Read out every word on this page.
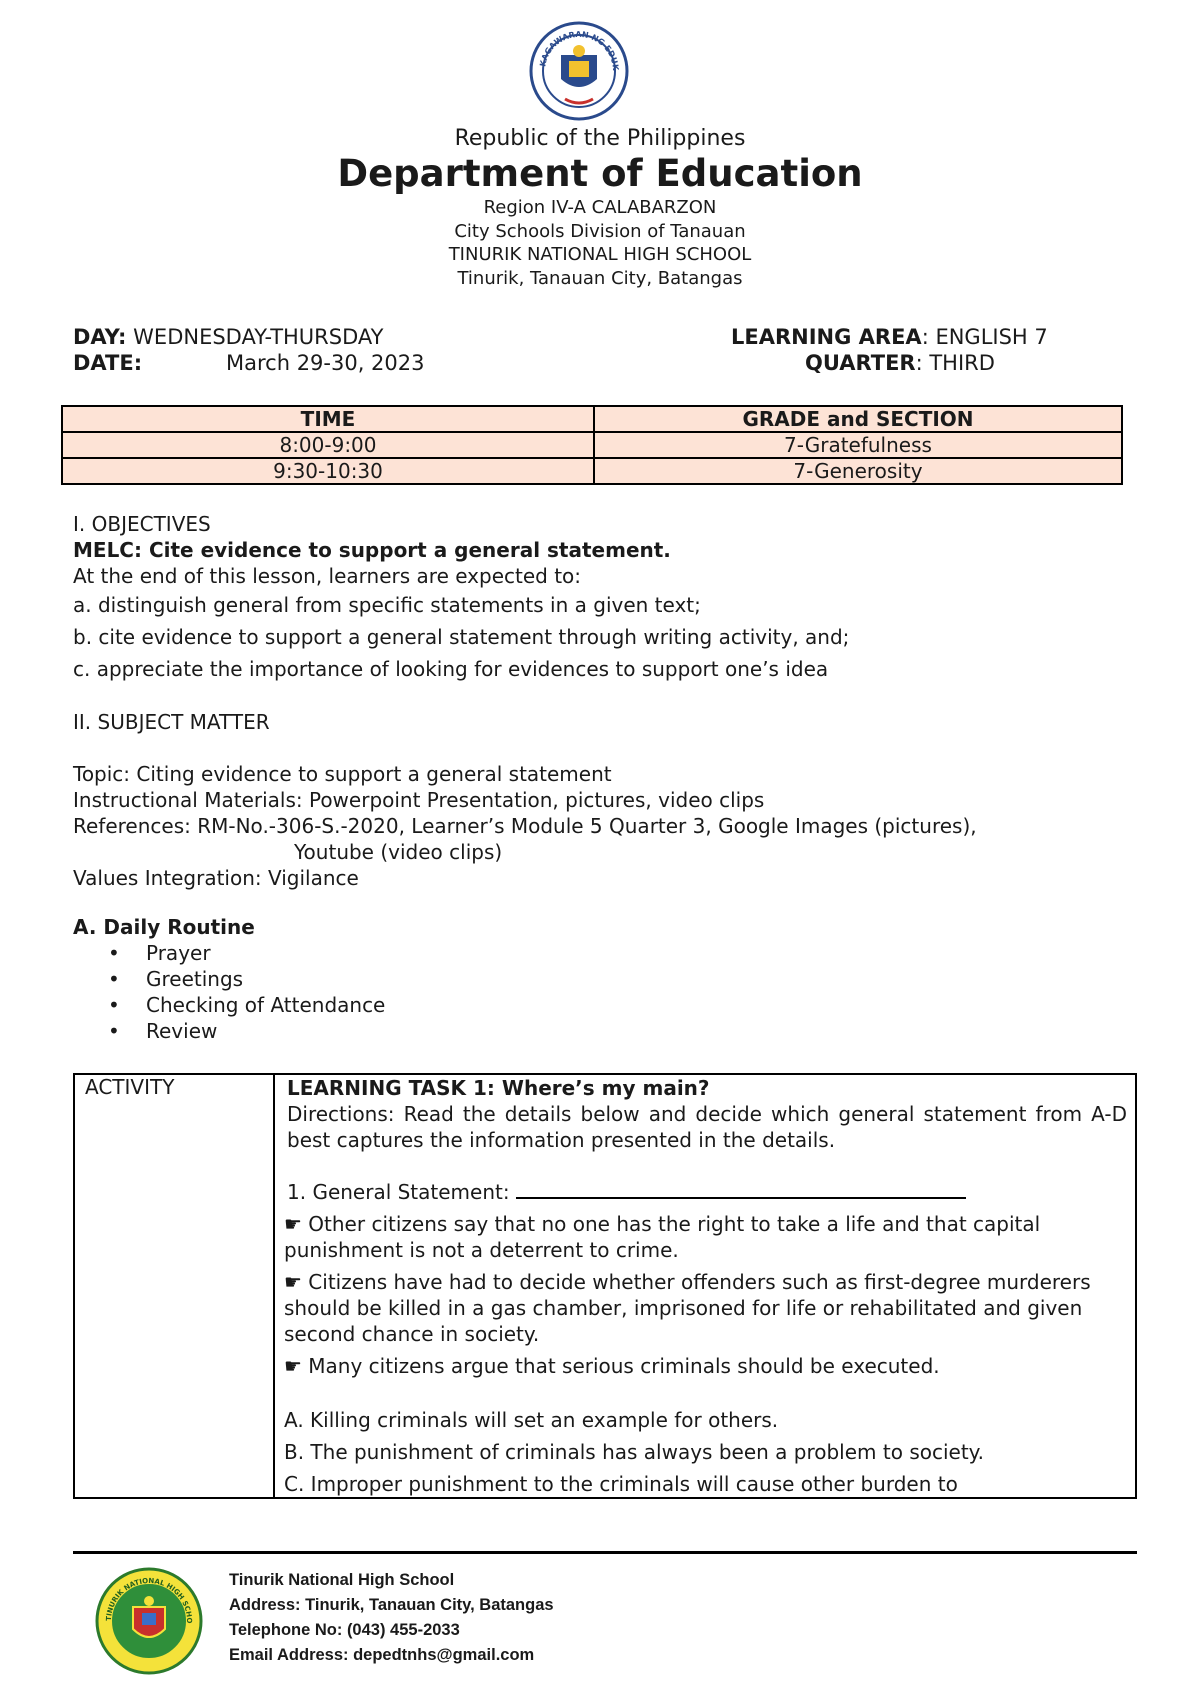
KAGAWARAN NG EDUK
Republic of the Philippines
Department of Education
Region IV-A CALABARZON
City Schools Division of Tanauan
TINURIK NATIONAL HIGH SCHOOL
Tinurik, Tanauan City, Batangas
DAY: WEDNESDAY-THURSDAY
DATE:	March 29-30, 2023
LEARNING AREA: ENGLISH 7
QUARTER: THIRD
TIME	GRADE and SECTION
8:00-9:00	7-Gratefulness
9:30-10:30	7-Generosity
I. OBJECTIVES
MELC: Cite evidence to support a general statement.
At the end of this lesson, learners are expected to:
a. distinguish general from specific statements in a given text;
b. cite evidence to support a general statement through writing activity, and;
c. appreciate the importance of looking for evidences to support one’s idea
II. SUBJECT MATTER
Topic: Citing evidence to support a general statement
Instructional Materials: Powerpoint Presentation, pictures, video clips
References: RM-No.-306-S.-2020, Learner’s Module 5 Quarter 3, Google Images (pictures),
Youtube (video clips)
Values Integration: Vigilance
A. Daily Routine
• Prayer
• Greetings
• Checking of Attendance
• Review
ACTIVITY	LEARNING TASK 1: Where’s my main?

Directions: Read the details below and decide which general statement from A-D best captures the information presented in the details.

1. General Statement:

☛ Other citizens say that no one has the right to take a life and that capital punishment is not a deterrent to crime.

☛ Citizens have had to decide whether offenders such as first-degree murderers should be killed in a gas chamber, imprisoned for life or rehabilitated and given second chance in society.

☛ Many citizens argue that serious criminals should be executed.

A. Killing criminals will set an example for others.

B. The punishment of criminals has always been a problem to society.

C. Improper punishment to the criminals will cause other burden to

TINURIK NATIONAL HIGH SCHO
Tinurik National High School
Address: Tinurik, Tanauan City, Batangas
Telephone No: (043) 455-2033
Email Address: depedtnhs@gmail.com
